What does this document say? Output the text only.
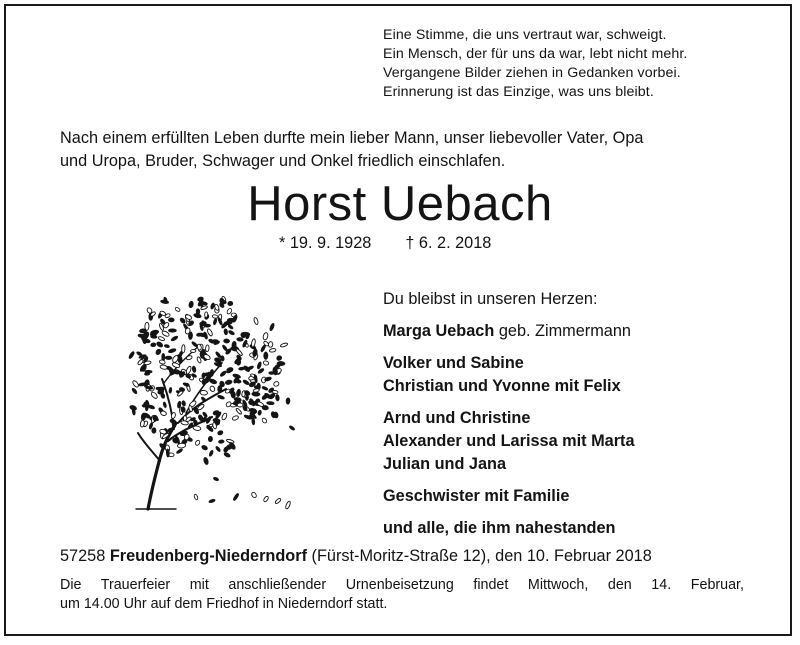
Eine Stimme, die uns vertraut war, schweigt.
Ein Mensch, der für uns da war, lebt nicht mehr.
Vergangene Bilder ziehen in Gedanken vorbei.
Erinnerung ist das Einzige, was uns bleibt.
Nach einem erfüllten Leben durfte mein lieber Mann, unser liebevoller Vater, Opa
und Uropa, Bruder, Schwager und Onkel friedlich einschlafen.
Horst Uebach
* 19. 9. 1928 † 6. 2. 2018
Du bleibst in unseren Herzen:
Marga Uebach geb. Zimmermann
Volker und Sabine
Christian und Yvonne mit Felix
Arnd und Christine
Alexander und Larissa mit Marta
Julian und Jana
Geschwister mit Familie
und alle, die ihm nahestanden
57258 Freudenberg-Niederndorf (Fürst-Moritz-Straße 12), den 10. Februar 2018
Die Trauerfeier mit anschließender Urnenbeisetzung findet Mittwoch, den 14. Februar,
um 14.00 Uhr auf dem Friedhof in Niederndorf statt.
